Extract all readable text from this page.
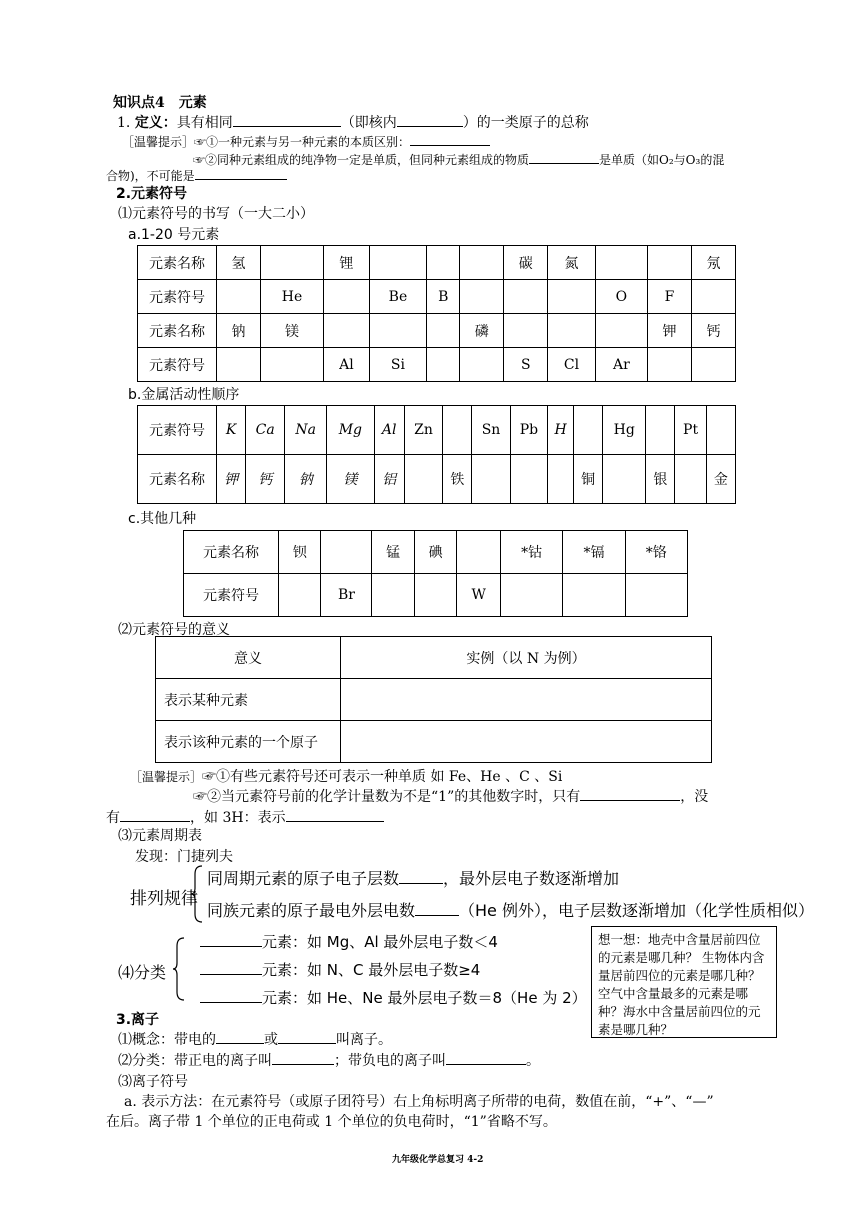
知识点4　元素
1. 定义：具有相同	（即核内	）的一类原子的总称
［温馨提示］☞①一种元素与另一种元素的本质区别：
☞②同种元素组成的纯净物一定是单质，但同种元素组成的物质	是单质（如O₂与O₃的混
合物)，不可能是
2.元素符号
⑴元素符号的书写（一大二小）
a.1-20 号元素
元素名称	氢		锂				碳	氮			氖
元素符号		He		Be	B				O	F	
元素名称	钠	镁				磷				钾	钙
元素符号			Al	Si			S	Cl	Ar		
b.金属活动性顺序
元素符号	K	Ca	Na	Mg	Al	Zn		Sn	Pb	H		Hg		Pt	
元素名称	钾	钙	钠	镁	铝		铁				铜		银		金
c.其他几种
元素名称	钡		锰	碘		*钴	*镉	*铬
元素符号		Br			W			
⑵元素符号的意义
意义	实例（以 N 为例）
表示某种元素	
表示该种元素的一个原子	
［温馨提示］☞①有些元素符号还可表示一种单质 如 Fe、He 、C 、Si
☞②当元素符号前的化学计量数为不是“1”的其他数字时，只有	，没
有	，如 3H：表示
⑶元素周期表
发现：门捷列夫
排列规律
同周期元素的原子电子层数	，最外层电子数逐渐增加
同族元素的原子最电外层电数	（He 例外），电子层数逐渐增加（化学性质相似）
⑷分类
元素：如 Mg、Al 最外层电子数＜4
元素：如 N、C 最外层电子数≥4
元素：如 He、Ne 最外层电子数＝8（He 为 2）
想一想：地壳中含量居前四位的元素是哪几种？ 生物体内含量居前四位的元素是哪几种？空气中含量最多的元素是哪种？海水中含量居前四位的元素是哪几种？
3.离子
⑴概念：带电的	或	叫离子。
⑵分类：带正电的离子叫	；带负电的离子叫	。
⑶离子符号
a. 表示方法：在元素符号（或原子团符号）右上角标明离子所带的电荷，数值在前，“+”、“—”
在后。离子带 1 个单位的正电荷或 1 个单位的负电荷时，“1”省略不写。
九年级化学总复习 4-2
